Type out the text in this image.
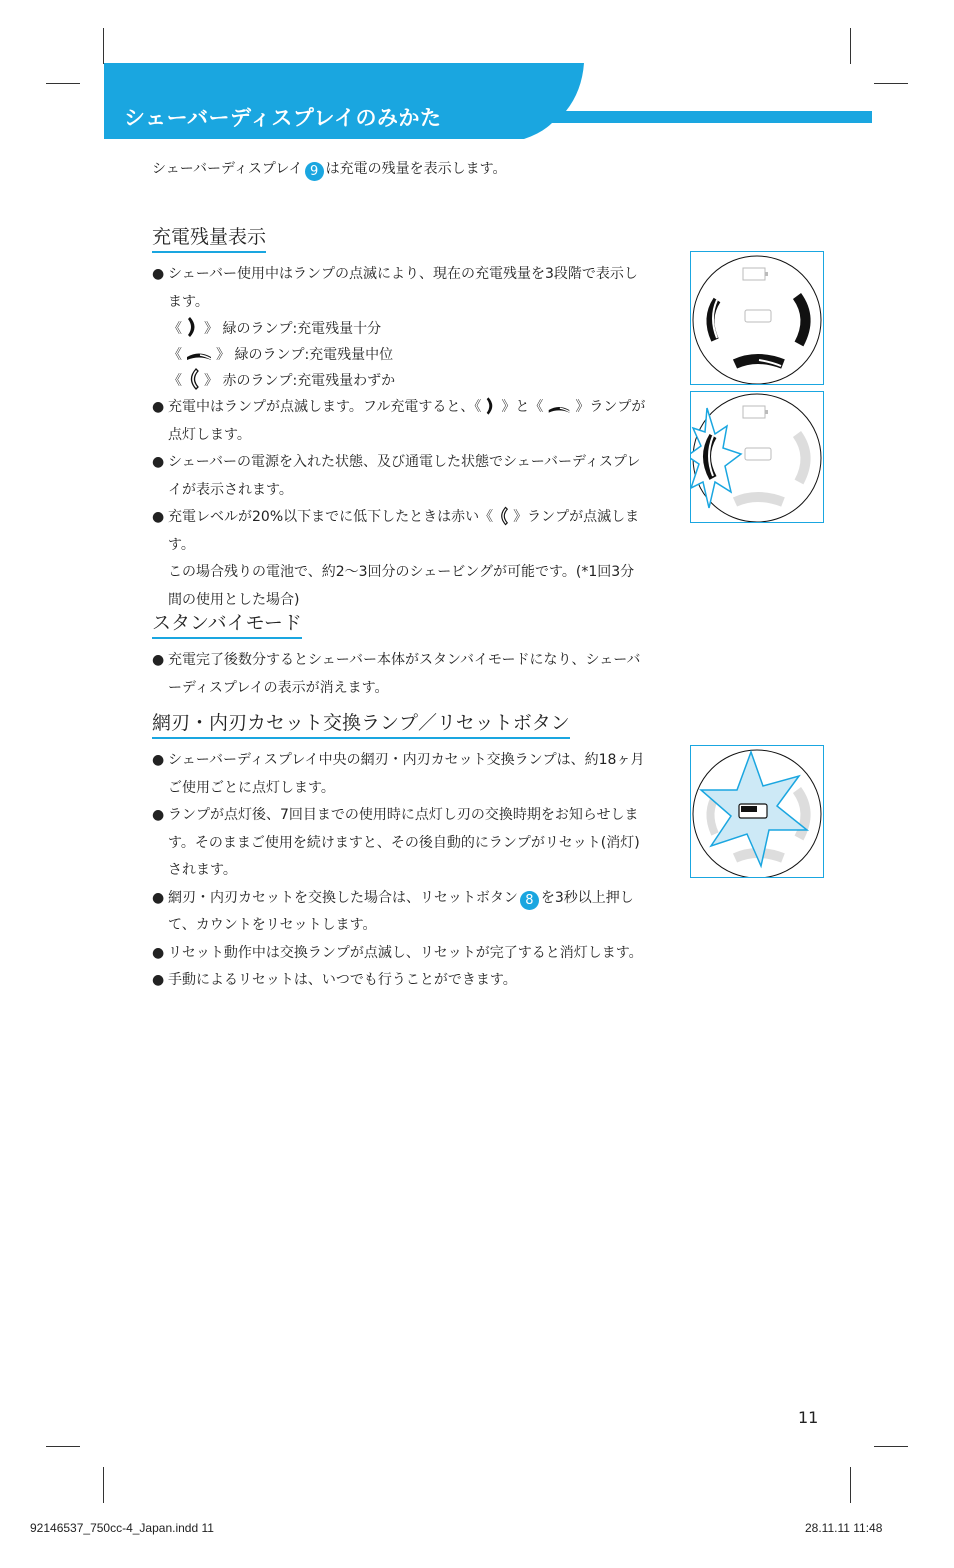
シェーバーディスプレイのみかた
シェーバーディスプレイ 9 は充電の残量を表示します。
充電残量表示
● シェーバー使用中はランプの点滅により、現在の充電残量を3段階で表示します。
《 》 緑のランプ:充電残量十分
《 》 緑のランプ:充電残量中位
《 》 赤のランプ:充電残量わずか
● 充電中はランプが点滅します。フル充電すると、《 》と《 》ランプが点灯します。
● シェーバーの電源を入れた状態、及び通電した状態でシェーバーディスプレイが表示されます。
● 充電レベルが20%以下までに低下したときは赤い《 》ランプが点滅します。
この場合残りの電池で、約2〜3回分のシェービングが可能です。(*1回3分間の使用とした場合)
スタンバイモード
● 充電完了後数分するとシェーバー本体がスタンバイモードになり、シェーバーディスプレイの表示が消えます。
網刃・内刃カセット交換ランプ／リセットボタン
● シェーバーディスプレイ中央の網刃・内刃カセット交換ランプは、約18ヶ月ご使用ごとに点灯します。
● ランプが点灯後、7回目までの使用時に点灯し刃の交換時期をお知らせします。そのままご使用を続けますと、その後自動的にランプがリセット(消灯)されます。
● 網刃・内刃カセットを交換した場合は、リセットボタン 8 を3秒以上押して、カウントをリセットします。
● リセット動作中は交換ランプが点滅し、リセットが完了すると消灯します。
● 手動によるリセットは、いつでも行うことができます。
11
92146537_750cc-4_Japan.indd 11	28.11.11 11:48
